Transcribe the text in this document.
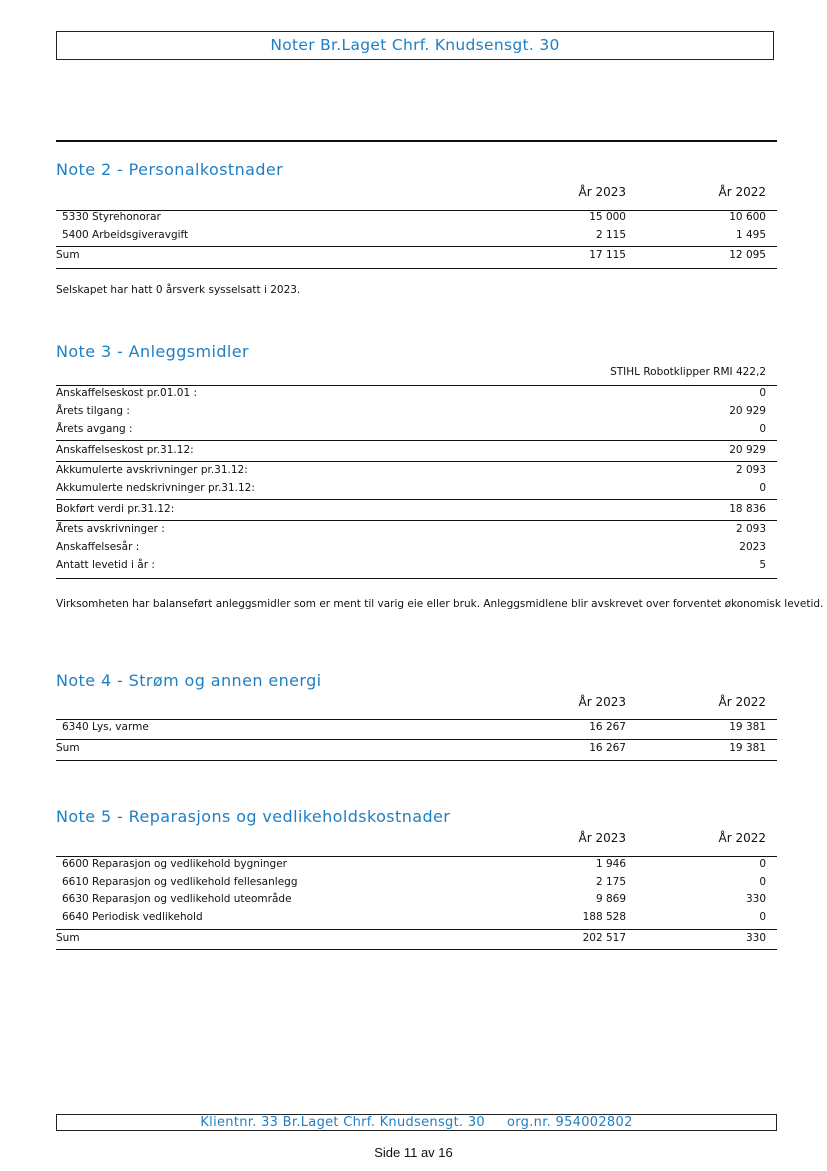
Noter Br.Laget Chrf. Knudsensgt. 30
Note 2 - Personalkostnader
År 2023	År 2022
5330 Styrehonorar	15 000	10 600
5400 Arbeidsgiveravgift	2 115	1 495
Sum	17 115	12 095
Selskapet har hatt 0 årsverk sysselsatt i 2023.
Note 3 - Anleggsmidler
STIHL Robotklipper RMI 422,2
Anskaffelseskost pr.01.01 :	0
Årets tilgang :	20 929
Årets avgang :	0
Anskaffelseskost pr.31.12:	20 929
Akkumulerte avskrivninger pr.31.12:	2 093
Akkumulerte nedskrivninger pr.31.12:	0
Bokført verdi pr.31.12:	18 836
Årets avskrivninger :	2 093
Anskaffelsesår :	2023
Antatt levetid i år :	5
Virksomheten har balanseført anleggsmidler som er ment til varig eie eller bruk. Anleggsmidlene blir avskrevet over forventet økonomisk levetid.
Note 4 - Strøm og annen energi
År 2023	År 2022
6340 Lys, varme	16 267	19 381
Sum	16 267	19 381
Note 5 - Reparasjons og vedlikeholdskostnader
År 2023	År 2022
6600 Reparasjon og vedlikehold bygninger	1 946	0
6610 Reparasjon og vedlikehold fellesanlegg	2 175	0
6630 Reparasjon og vedlikehold uteområde	9 869	330
6640 Periodisk vedlikehold	188 528	0
Sum	202 517	330
Klientnr. 33 Br.Laget Chrf. Knudsensgt. 30 org.nr. 954002802
Side 11 av 16
